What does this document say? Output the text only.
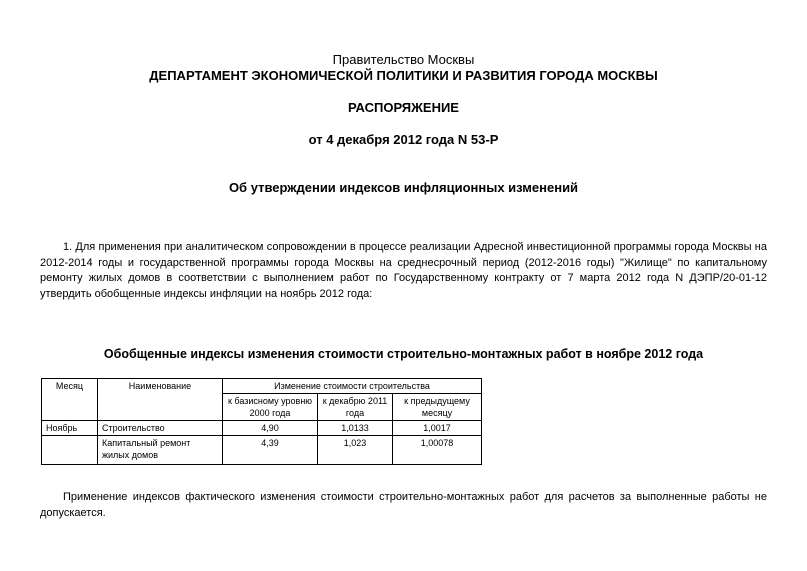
Правительство Москвы
ДЕПАРТАМЕНТ ЭКОНОМИЧЕСКОЙ ПОЛИТИКИ И РАЗВИТИЯ ГОРОДА МОСКВЫ
РАСПОРЯЖЕНИЕ
от 4 декабря 2012 года N 53-Р
Об утверждении индексов инфляционных изменений
1. Для применения при аналитическом сопровождении в процессе реализации Адресной инвестиционной программы города Москвы на 2012-2014 годы и государственной программы города Москвы на среднесрочный период (2012-2016 годы) "Жилище" по капитальному ремонту жилых домов в соответствии с выполнением работ по Государственному контракту от 7 марта 2012 года N ДЭПР/20-01-12 утвердить обобщенные индексы инфляции на ноябрь 2012 года:
Обобщенные индексы изменения стоимости строительно-монтажных работ в ноябре 2012 года
Месяц	Наименование	Изменение стоимости строительства		
		к базисному уровню 2000 года	к декабрю 2011 года	к предыдущему месяцу
Ноябрь	Строительство	4,90	1,0133	1,0017
	Капитальный ремонт жилых домов	4,39	1,023	1,00078
Применение индексов фактического изменения стоимости строительно-монтажных работ для расчетов за выполненные работы не допускается.
